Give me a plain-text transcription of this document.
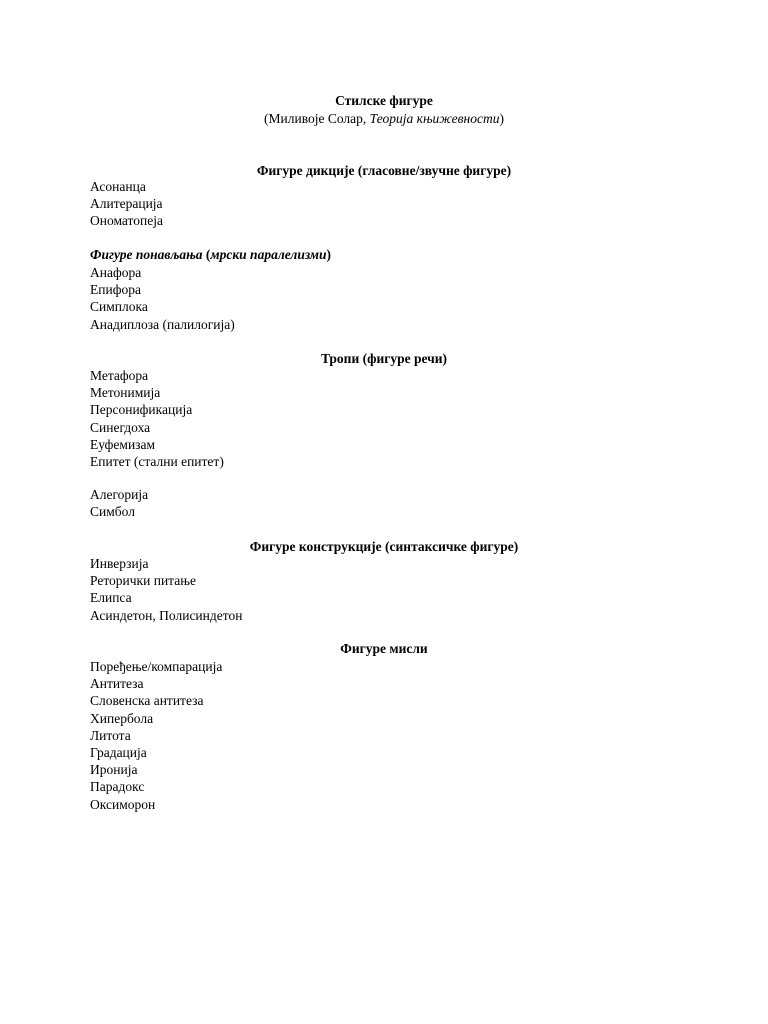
Стилске фигуре
(Миливоје Солар, Теорија књижевности)
Фигуре дикције (гласовне/звучне фигуре)
Асонанца
Алитерација
Ономатопеја
Фигуре понављања (мрски паралелизми)
Анафора
Епифора
Симплока
Анадиплоза (палилогија)
Тропи (фигуре речи)
Метафора
Метонимија
Персонификација
Синегдоха
Еуфемизам
Епитет (стални епитет)
Алегорија
Симбол
Фигуре конструкције (синтаксичке фигуре)
Инверзија
Реторички питање
Елипса
Асиндетон, Полисиндетон
Фигуре мисли
Поређење/компарација
Антитеза
Словенска антитеза
Хипербола
Литота
Градација
Иронија
Парадокс
Оксиморон
